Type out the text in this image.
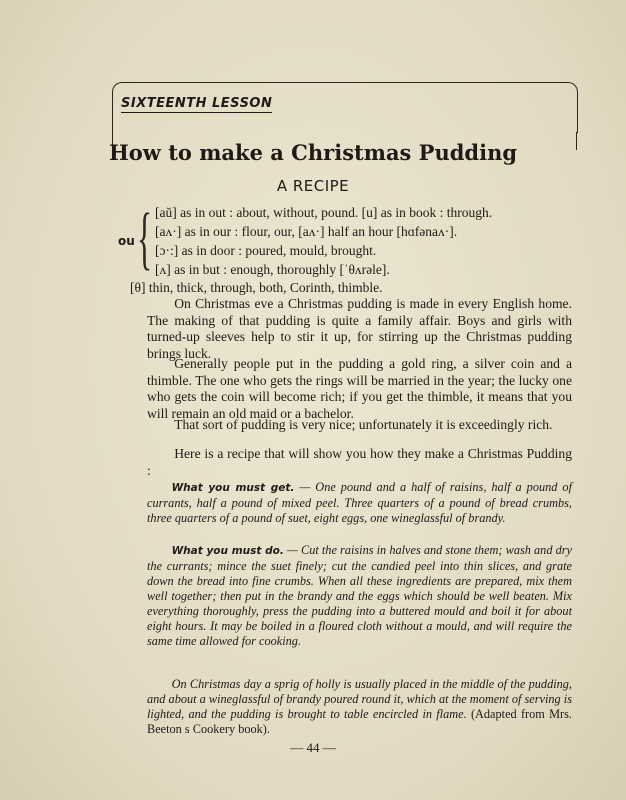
SIXTEENTH LESSON
How to make a Christmas Pudding
A RECIPE
{
ou
[aŭ] as in out : about, without, pound. [u] as in book : through.
[aʌ·] as in our : flour, our, [aʌ·] half an hour [hɑfənaʌ·].
[ɔ·:] as in door : poured, mould, brought.
[ʌ] as in but : enough, thoroughly [ˈθʌrəle].
[θ] thin, thick, through, both, Corinth, thimble.
  On Christmas eve a Christmas pudding is made in every English home. The making of that pudding is quite a family affair. Boys and girls with turned-up sleeves help to stir it up, for stirring up the Christmas pudding brings luck.
  Generally people put in the pudding a gold ring, a silver coin and a thimble. The one who gets the rings will be married in the year; the lucky one who gets the coin will become rich; if you get the thimble, it means that you will remain an old maid or a bachelor.
  That sort of pudding is very nice; unfortunately it is exceedingly rich.
  Here is a recipe that will show you how they make a Christmas Pudding :
  What you must get. — One pound and a half of raisins, half a pound of currants, half a pound of mixed peel. Three quarters of a pound of bread crumbs, three quarters of a pound of suet, eight eggs, one wineglassful of brandy.
  What you must do. — Cut the raisins in halves and stone them; wash and dry the currants; mince the suet finely; cut the candied peel into thin slices, and grate down the bread into fine crumbs. When all these ingredients are prepared, mix them well together; then put in the brandy and the eggs which should be well beaten. Mix everything thoroughly, press the pudding into a buttered mould and boil it for about eight hours. It may be boiled in a floured cloth without a mould, and will require the same time allowed for cooking.
  On Christmas day a sprig of holly is usually placed in the middle of the pudding, and about a wineglassful of brandy poured round it, which at the moment of serving is lighted, and the pudding is brought to table encircled in flame. (Adapted from Mrs. Beeton s Cookery book).
— 44 —
